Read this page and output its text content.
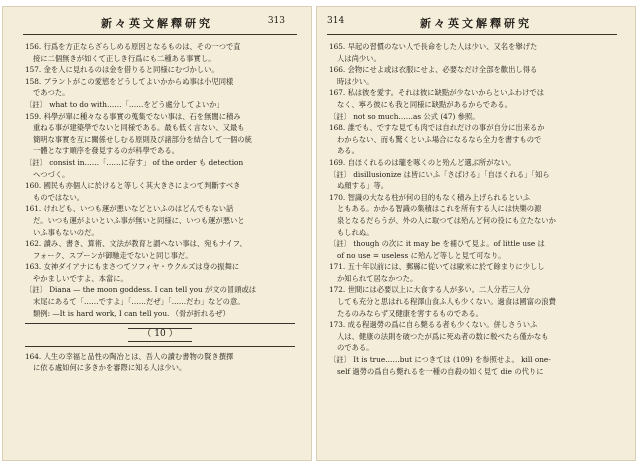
新々英文解釋研究	313
156. 行爲を方正ならざらしめる原因となるものは、その一つで直
接に二個無きが如くて正しき行爲にも二種ある事實し。
157. 金を人に見れるのは金を借りると同様にむづかしい。
158. ブラントがこの愛慾をどうしてよいかからぬ事は小児同樣
であつた。
〔註〕 what to do with……「……をどう處分してよいか」
159. 科學が單に種々なる事實の蒐集でない事は、石を無闇に積み
重ねる事が建築學でないと同様である。最も低く言ない、又最も
簡明な事實を互に關係せしむる原則及び諸部分を結合して一個の統
一體となす順序を發見するのが科學である。
〔註〕 consist in……「……に存す」 of the order も detection
へつづく。
160. 國民も亦個人に於けると等しく其大きさによつて判斷すべき
ものではない。
161. けれども、いつも運が悪いなどといふのはどんでもない話
だ。いつも運がよいといふ事が無いと同様に、いつも運が悪いと
いふ事もないのだ。
162. 讀み、書き、算術、文法が教育と謂へない事は、宛もナイフ、
フォーク、スプーンが御馳走でないと同じ事だ。
163. 女神ダイアナにもまさつてソフィヤ・ウクルズは身の振舞に
やかましいですよ、本當に。
〔註〕 Diana — the moon goddess. I can tell you が文の冒頭或は
末尾にあるて「……ですよ」「……だぜ」「……だわ」などの意。
類例: —It is hard work, I can tell you. （骨が折れるぜ）
（ 10 ）
164. 人生の幸福と品性の陶冶とは、吾人の讀む書物の賢き撰擇
に依る處如何に多きかを審際に知る人は少い。
314	新々英文解釋研究
165. 早起の習慣のない人で長命をした人は少い、又名を擧げた
人は尚少い。
166. 会物にせよ或は衣服にせよ、必要なだけ全部を歡出し得る
時は少い。
167. 私は彼を愛す。それは彼に缺點が少ないからといふわけでは
なく、寧ろ彼にも我と同様に缺點があるからである。
〔註〕 not so much……as 公式 (47) 參照。
168. 誰でも、ですな見ても肉では自れだけの事が自分に出来るか
わからない、而も驚くといふ場合になるなら全力を書すもので
ある。
169. 自ほくれるのは瓏を啄くのと殆んど選ぶ所がない。
〔註〕 disillusionize は皆にいふ「さばける」「自ほくれる」「知ら
ぬ顔する」等。
170. 智識の大なる柱が何の目的もなく積み上げられるといふ
ともある。かかる智識の集積はこれを所有する人には快樂の源
泉となるだらうが、外の人に取つては殆んど何の役にも立たないか
もしれぬ。
〔註〕 though の次に it may be を補ひて見よ。of little use は
of no use = useless に殆んど等しと見て可なり。
171. 五十年以前には、郵縣に從いては歐米に於て餘まりに少しし
か知られて居なかつた。
172. 世間には必要以上に大食する人が多い。二人分若三人分
しても充分と思はれる程澤山食ふ人も少くない。過食は國富の浪費
たるのみならず又健康を害するものである。
173. 成る程過勞の爲に自ら斃るる者も少くない。併しさういふ
人は、健康の法則を破つたが爲に死ぬ者の数に較べたら僅かなも
のである。
〔註〕 It is true……but につきては (109) を参照せよ。 kill one-
self 過勞の爲自ら斃れるを一種の自殺の如く見て die の代りに
